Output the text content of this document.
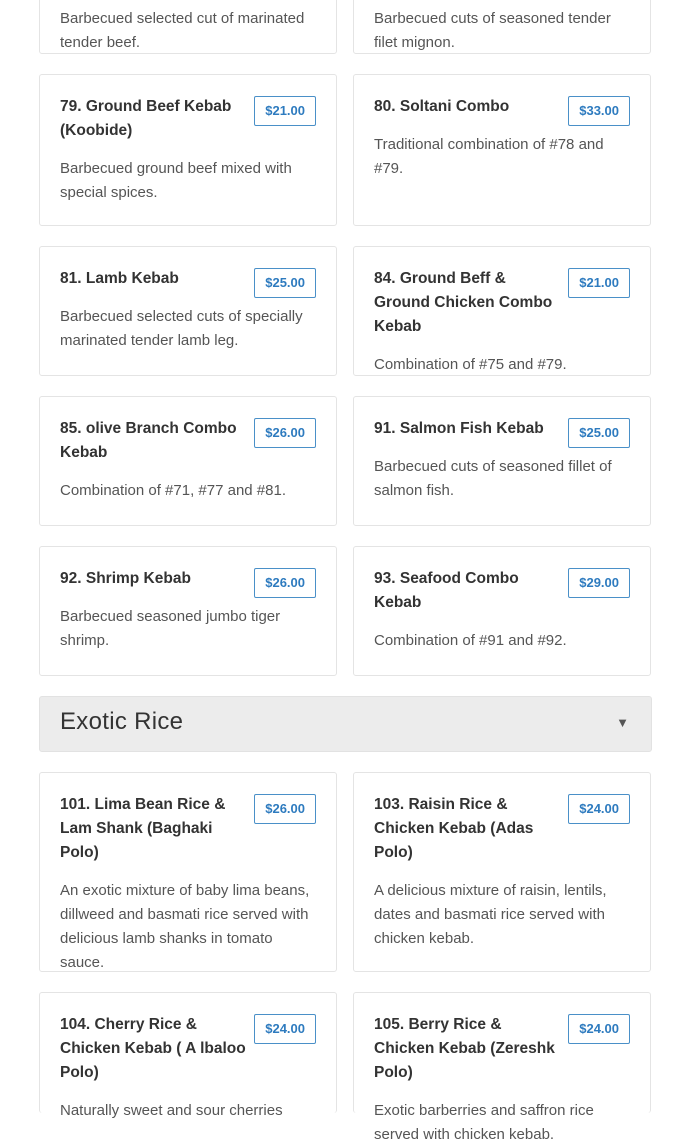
Barbecued selected cut of marinated tender beef.
Barbecued cuts of seasoned tender filet mignon.
79. Ground Beef Kebab (Koobide)
$21.00
Barbecued ground beef mixed with special spices.
80. Soltani Combo	$33.00
Traditional combination of #78 and #79.
81. Lamb Kebab	$25.00
Barbecued selected cuts of specially marinated tender lamb leg.
84. Ground Beff & Ground Chicken Combo Kebab
$21.00
Combination of #75 and #79.
85. olive Branch Combo Kebab
$26.00
Combination of #71, #77 and #81.
91. Salmon Fish Kebab	$25.00
Barbecued cuts of seasoned fillet of salmon fish.
92. Shrimp Kebab	$26.00
Barbecued seasoned jumbo tiger shrimp.
93. Seafood Combo Kebab
$29.00
Combination of #91 and #92.
Exotic Rice	▼
101. Lima Bean Rice & Lam Shank (Baghaki Polo)
$26.00
An exotic mixture of baby lima beans, dillweed and basmati rice served with delicious lamb shanks in tomato sauce.
103. Raisin Rice & Chicken Kebab (Adas Polo)
$24.00
A delicious mixture of raisin, lentils, dates and basmati rice served with chicken kebab.
104. Cherry Rice & Chicken Kebab ( A lbaloo Polo)
$24.00
Naturally sweet and sour cherries
105. Berry Rice & Chicken Kebab (Zereshk Polo)
$24.00
Exotic barberries and saffron rice served with chicken kebab.
